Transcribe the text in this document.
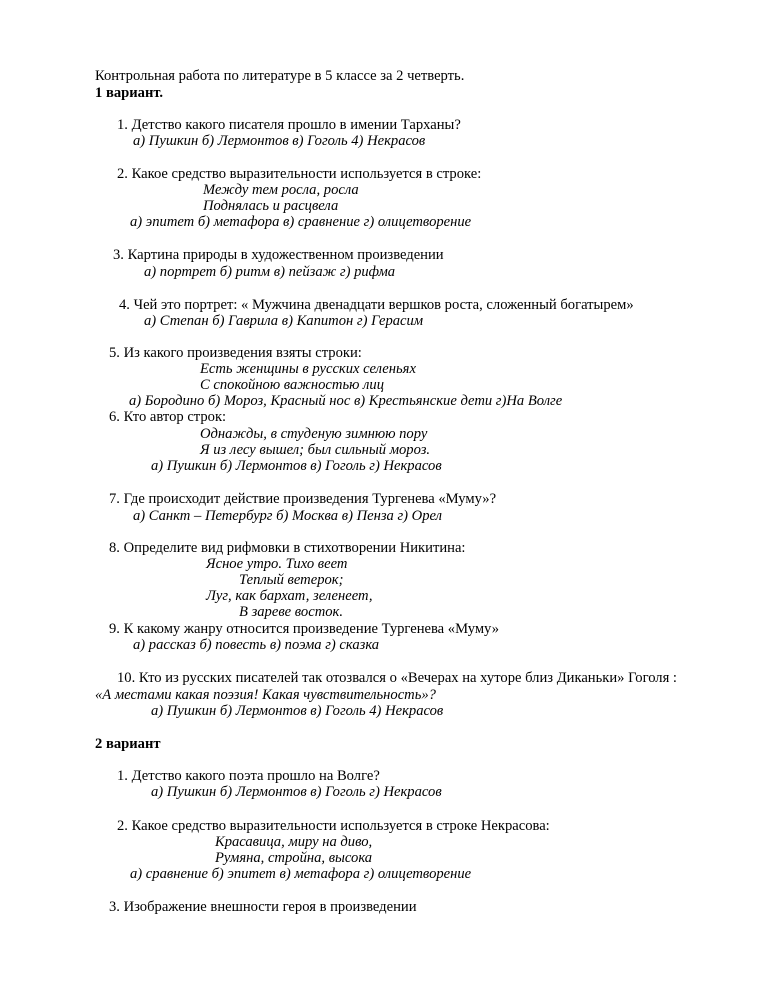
Контрольная работа по литературе в 5 классе за 2 четверть.
1 вариант.
1. Детство какого писателя прошло в имении Тарханы?
а) Пушкин б) Лермонтов в) Гоголь 4) Некрасов
2. Какое средство выразительности используется в строке:
Между тем росла, росла
Поднялась и расцвела
а) эпитет б) метафора в) сравнение г) олицетворение
3. Картина природы в художественном произведении
а) портрет б) ритм в) пейзаж г) рифма
4. Чей это портрет: « Мужчина двенадцати вершков роста, сложенный богатырем»
а) Степан б) Гаврила в) Капитон г) Герасим
5. Из какого произведения взяты строки:
Есть женщины в русских селеньях
С спокойною важностью лиц
а) Бородино б) Мороз, Красный нос в) Крестьянские дети г)На Волге
6. Кто автор строк:
Однажды, в студеную зимнюю пору
Я из лесу вышел; был сильный мороз.
а) Пушкин б) Лермонтов в) Гоголь г) Некрасов
7. Где происходит действие произведения Тургенева «Муму»?
а) Санкт – Петербург б) Москва в) Пенза г) Орел
8. Определите вид рифмовки в стихотворении Никитина:
Ясное утро. Тихо веет
Теплый ветерок;
Луг, как бархат, зеленеет,
В зареве восток.
9. К какому жанру относится произведение Тургенева «Муму»
а) рассказ б) повесть в) поэма г) сказка
10. Кто из русских писателей так отозвался о «Вечерах на хуторе близ Диканьки» Гоголя :
«А местами какая поэзия! Какая чувствительность»?
а) Пушкин б) Лермонтов в) Гоголь 4) Некрасов
2 вариант
1. Детство какого поэта прошло на Волге?
а) Пушкин б) Лермонтов в) Гоголь г) Некрасов
2. Какое средство выразительности используется в строке Некрасова:
Красавица, миру на диво,
Румяна, стройна, высока
а) сравнение б) эпитет в) метафора г) олицетворение
3. Изображение внешности героя в произведении
